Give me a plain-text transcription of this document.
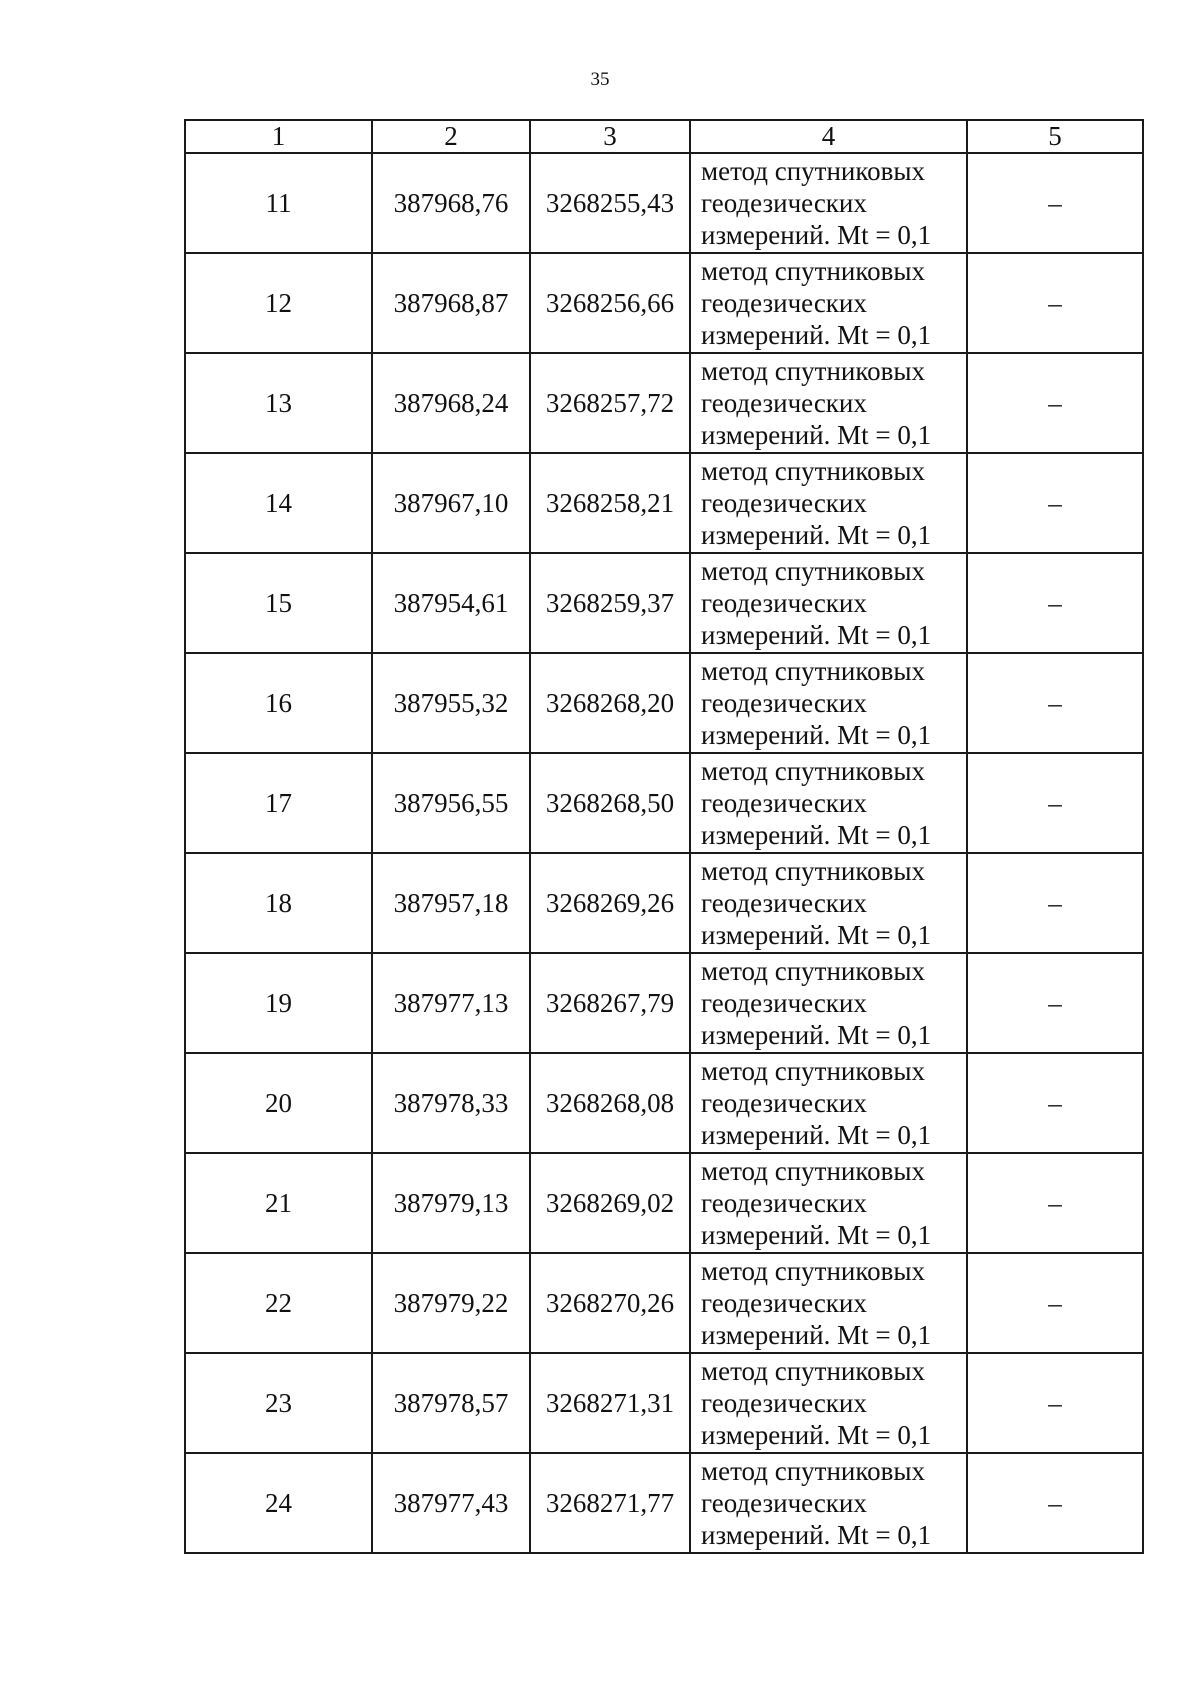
35
1	2	3	4	5
11	387968,76	3268255,43	метод спутниковых
геодезических
измерений. Mt = 0,1	–
12	387968,87	3268256,66	метод спутниковых
геодезических
измерений. Mt = 0,1	–
13	387968,24	3268257,72	метод спутниковых
геодезических
измерений. Mt = 0,1	–
14	387967,10	3268258,21	метод спутниковых
геодезических
измерений. Mt = 0,1	–
15	387954,61	3268259,37	метод спутниковых
геодезических
измерений. Mt = 0,1	–
16	387955,32	3268268,20	метод спутниковых
геодезических
измерений. Mt = 0,1	–
17	387956,55	3268268,50	метод спутниковых
геодезических
измерений. Mt = 0,1	–
18	387957,18	3268269,26	метод спутниковых
геодезических
измерений. Mt = 0,1	–
19	387977,13	3268267,79	метод спутниковых
геодезических
измерений. Mt = 0,1	–
20	387978,33	3268268,08	метод спутниковых
геодезических
измерений. Mt = 0,1	–
21	387979,13	3268269,02	метод спутниковых
геодезических
измерений. Mt = 0,1	–
22	387979,22	3268270,26	метод спутниковых
геодезических
измерений. Mt = 0,1	–
23	387978,57	3268271,31	метод спутниковых
геодезических
измерений. Mt = 0,1	–
24	387977,43	3268271,77	метод спутниковых
геодезических
измерений. Mt = 0,1	–
